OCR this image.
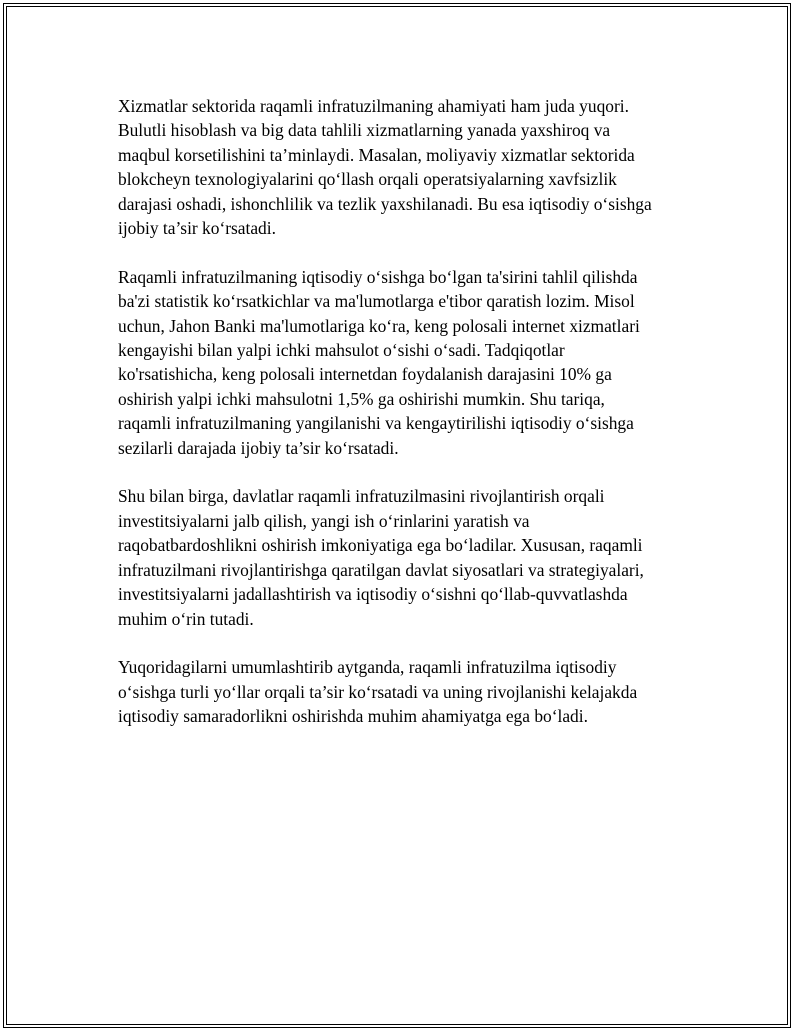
Xizmatlar sektorida raqamli infratuzilmaning ahamiyati ham juda yuqori.
Bulutli hisoblash va big data tahlili xizmatlarning yanada yaxshiroq va
maqbul korsetilishini ta’minlaydi. Masalan, moliyaviy xizmatlar sektorida
blokcheyn texnologiyalarini qo‘llash orqali operatsiyalarning xavfsizlik
darajasi oshadi, ishonchlilik va tezlik yaxshilanadi. Bu esa iqtisodiy o‘sishga
ijobiy ta’sir ko‘rsatadi.

Raqamli infratuzilmaning iqtisodiy o‘sishga bo‘lgan ta'sirini tahlil qilishda
ba'zi statistik ko‘rsatkichlar va ma'lumotlarga e'tibor qaratish lozim. Misol
uchun, Jahon Banki ma'lumotlariga ko‘ra, keng polosali internet xizmatlari
kengayishi bilan yalpi ichki mahsulot o‘sishi o‘sadi. Tadqiqotlar
ko'rsatishicha, keng polosali internetdan foydalanish darajasini 10% ga
oshirish yalpi ichki mahsulotni 1,5% ga oshirishi mumkin. Shu tariqa,
raqamli infratuzilmaning yangilanishi va kengaytirilishi iqtisodiy o‘sishga
sezilarli darajada ijobiy ta’sir ko‘rsatadi.

Shu bilan birga, davlatlar raqamli infratuzilmasini rivojlantirish orqali
investitsiyalarni jalb qilish, yangi ish o‘rinlarini yaratish va
raqobatbardoshlikni oshirish imkoniyatiga ega bo‘ladilar. Xususan, raqamli
infratuzilmani rivojlantirishga qaratilgan davlat siyosatlari va strategiyalari,
investitsiyalarni jadallashtirish va iqtisodiy o‘sishni qo‘llab-quvvatlashda
muhim o‘rin tutadi.

Yuqoridagilarni umumlashtirib aytganda, raqamli infratuzilma iqtisodiy
o‘sishga turli yo‘llar orqali ta’sir ko‘rsatadi va uning rivojlanishi kelajakda
iqtisodiy samaradorlikni oshirishda muhim ahamiyatga ega bo‘ladi.
